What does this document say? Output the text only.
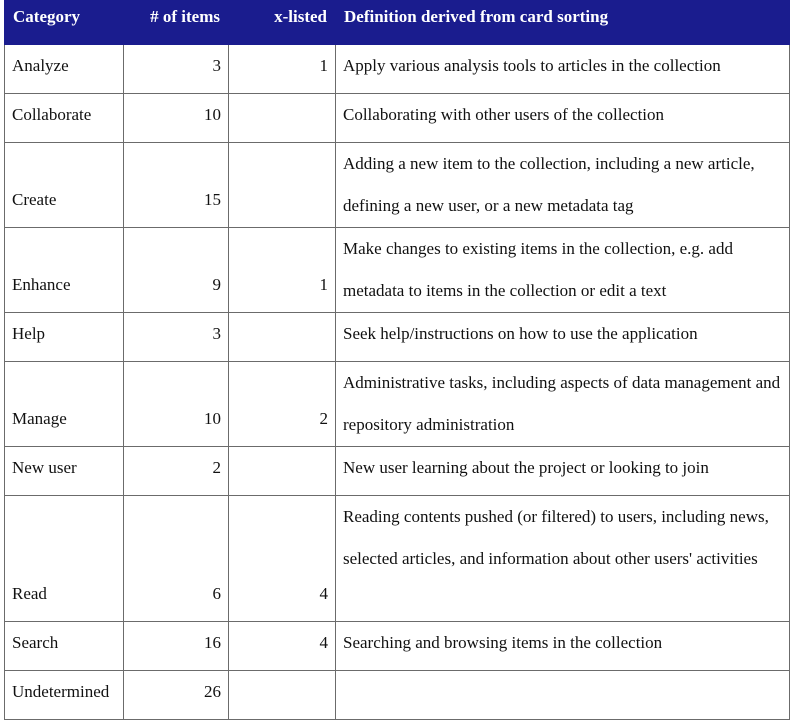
Category	# of items	x-listed	Definition derived from card sorting
Analyze	3	1	Apply various analysis tools to articles in the collection
Collaborate	10		Collaborating with other users of the collection
Create	15		Adding a new item to the collection, including a new article, defining a new user, or a new metadata tag
Enhance	9	1	Make changes to existing items in the collection, e.g. add metadata to items in the collection or edit a text
Help	3		Seek help/instructions on how to use the application
Manage	10	2	Administrative tasks, including aspects of data management and repository administration
New user	2		New user learning about the project or looking to join
Read	6	4	Reading contents pushed (or filtered) to users, including news, selected articles, and information about other users' activities
Search	16	4	Searching and browsing items in the collection
Undetermined	26		
